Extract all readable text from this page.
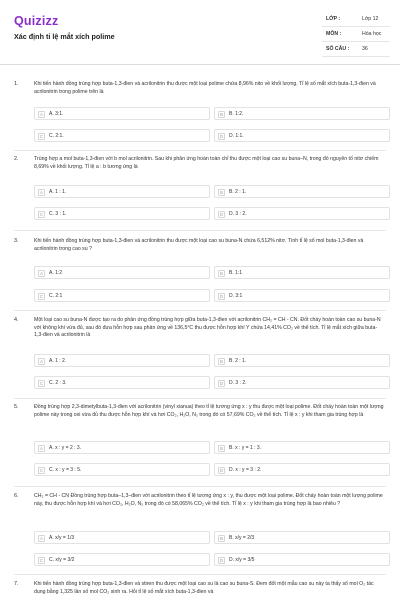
Quizizz
Xác định tỉ lệ mắt xích polime
LỚP :	Lớp 12
MÔN :	Hóa học
SỐ CÂU : 36
1.	Khi tiến hành đồng trùng hợp buta-1,3-đien và acrilonitrin thu được một loại polime chứa 8,96% nito về khối lượng. Tỉ lệ số mắt xích buta-1,3-đien và acrilonitrin trong polime trên là
A	A. 3:1.	B	B. 1:2.
C	C. 2:1.	D	D. 1:1.
2.	Trùng hợp a mol buta-1,3-đien với b mol acrilonitrin. Sau khi phản ứng hoàn toàn chỉ thu được một loại cao su buna–N, trong đó nguyên tố nitơ chiếm 8,69% về khối lượng. Tỉ lệ a : b tương ứng là
A	A. 1 : 1.	B	B. 2 : 1.
C	C. 3 : 1.	D	D. 3 : 2.
3.	Khi tiến hành đồng trùng hợp buta-1,3-đien và acrilonitrin thu được một loại cao su buna-N chứa 6,512% nitơ. Tính tỉ lệ số mol buta-1,3-đien và acrilonitrin trong cao su ?
A	A. 1:2	B	B. 1:1
C	C. 2:1	D	D. 3:1
4.	Một loại cao su buna-N được tạo ra do phản ứng đồng trùng hợp giữa buta-1,3-đien với acrilonitrin CH₂ = CH - CN. Đốt cháy hoàn toàn cao su buna-N với không khí vừa đủ, sau đó đưa hỗn hợp sau phản ứng về 136,5°C thu được hỗn hợp khí Y chứa 14,41% CO₂ về thể tích. Tỉ lệ mắt xích giữa buta-1,3-đien và acrilonitrin là
A	A. 1 : 2.	B	B. 2 : 1.
C	C. 2 : 3.	D	D. 3 : 2.
5.	Đồng trùng hợp 2,3-dimetylbuta-1,3-đien với acrilonitrin (vinyl xianua) theo tỉ lệ tương ứng x : y thu được một loại polime. Đốt cháy hoàn toàn một lượng polime này trong oxi vừa đủ thu được hỗn hợp khí và hơi CO₂, H₂O, N₂ trong đó có 57,69% CO₂ về thể tích. Tỉ lệ x : y khi tham gia trùng hợp là
A	A. x : y = 2 : 3.	B	B. x : y = 1 : 3.
C	C. x : y = 3 : 5.	D	D. x : y = 3 : 2.
6.	CH₂ = CH - CN Đồng trùng hợp buta–1,3–đien với acrilonitrin theo tỉ lệ tương ứng x : y, thu được một loại polime. Đốt cháy hoàn toàn một lượng polime này, thu được hỗn hợp khí và hơi CO₂, H₂O, N₂ trong đó có 58,065% CO₂ về thể tích. Tỉ lệ x : y khi tham gia trùng hợp là bao nhiêu ?
A	A. x/y = 1/3	B	B. x/y = 2/3
C	C. x/y = 3/2	D	D. x/y = 3/5
7.	Khi tiến hành đồng trùng hợp buta-1,3-đien và stiren thu được một loại cao su là cao su buna-S. Đem đốt một mẫu cao su này ta thấy số mol O₂ tác dụng bằng 1,325 lần số mol CO₂ sinh ra. Hỏi tỉ lệ số mắt xích buta-1,3-đien và
